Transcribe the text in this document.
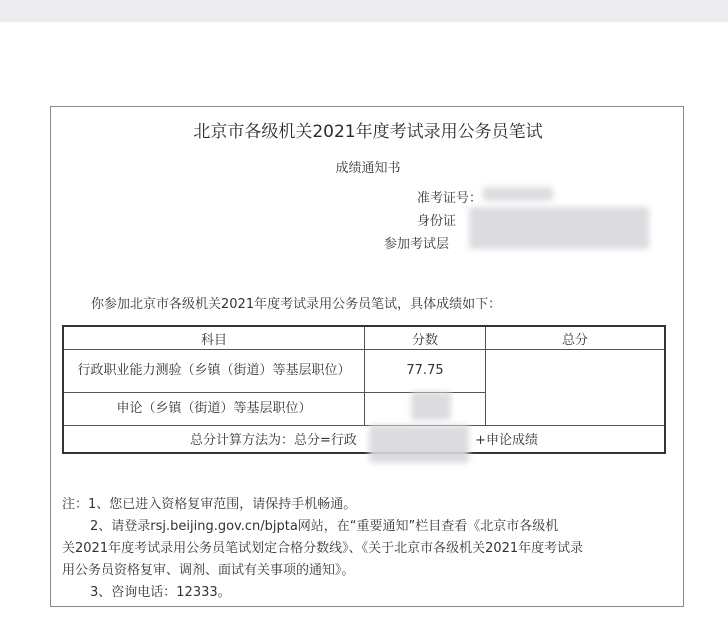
北京市各级机关2021年度考试录用公务员笔试
成绩通知书
准考证号：
身份证
参加考试层
你参加北京市各级机关2021年度考试录用公务员笔试，具体成绩如下：
科目	分数	总分
行政职业能力测验（乡镇（街道）等基层职位）	77.75	
申论（乡镇（街道）等基层职位）		
总分计算方法为：总分=行政 +申论成绩		

注：1、您已进入资格复审范围，请保持手机畅通。

2、请登录rsj.beijing.gov.cn/bjpta网站，在“重要通知”栏目查看《北京市各级机

关2021年度考试录用公务员笔试划定合格分数线》、《关于北京市各级机关2021年度考试录

用公务员资格复审、调剂、面试有关事项的通知》。

3、咨询电话：12333。
